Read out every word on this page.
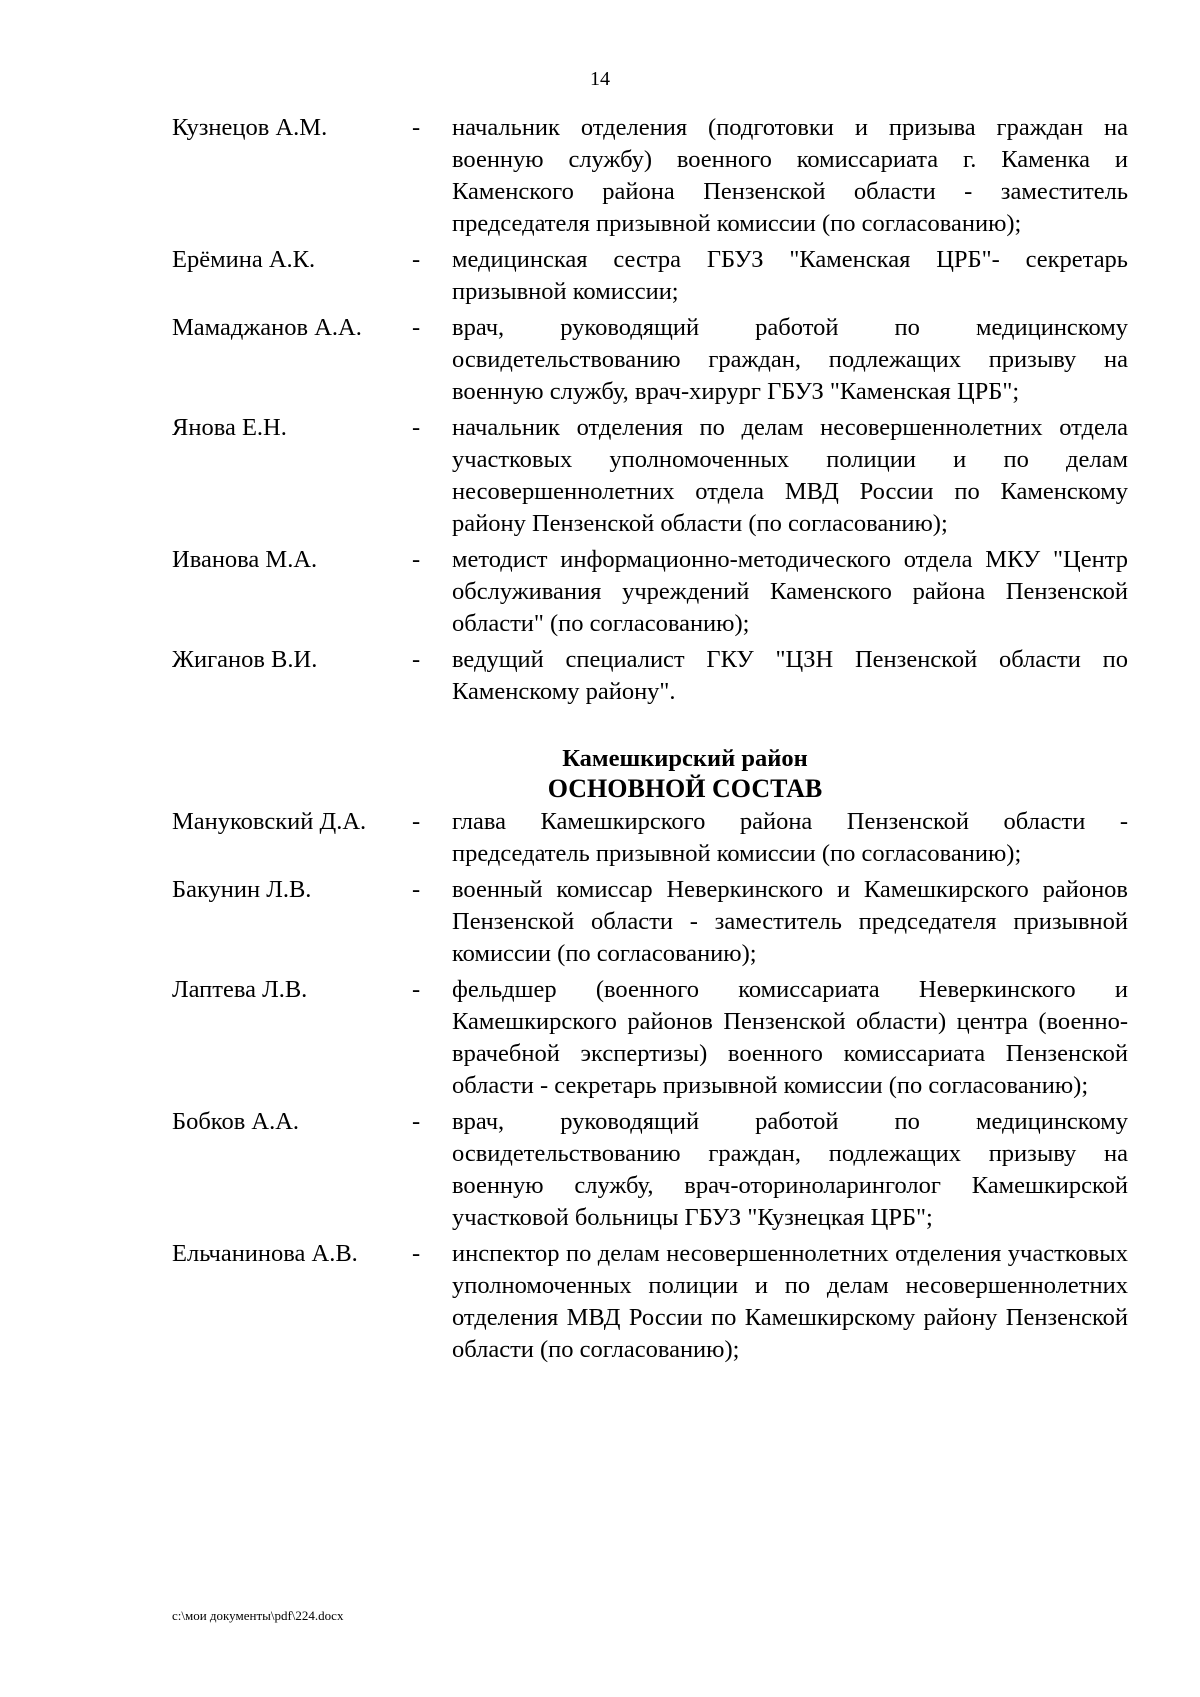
14
Кузнецов А.М.	-	начальник отделения (подготовки и призыва граждан на военную службу) военного комиссариата г. Каменка и Каменского района Пензенской области - заместитель председателя призывной комиссии (по согласованию);
Ерёмина А.К.	-	медицинская сестра ГБУЗ "Каменская ЦРБ"- секретарь призывной комиссии;
Мамаджанов А.А.	-	врач, руководящий работой по медицинскому освидетельствованию граждан, подлежащих призыву на военную службу, врач-хирург ГБУЗ "Каменская ЦРБ";
Янова Е.Н.	-	начальник отделения по делам несовершеннолетних отдела участковых уполномоченных полиции и по делам несовершеннолетних отдела МВД России по Каменскому району Пензенской области (по согласованию);
Иванова М.А.	-	методист информационно-методического отдела МКУ "Центр обслуживания учреждений Каменского района Пензенской области" (по согласованию);
Жиганов В.И.	-	ведущий специалист ГКУ "ЦЗН Пензенской области по Каменскому району".
Камешкирский район
ОСНОВНОЙ СОСТАВ
Мануковский Д.А.	-	глава Камешкирского района Пензенской области - председатель призывной комиссии (по согласованию);
Бакунин Л.В.	-	военный комиссар Неверкинского и Камешкирского районов Пензенской области - заместитель председателя призывной комиссии (по согласованию);
Лаптева Л.В.	-	фельдшер (военного комиссариата Неверкинского и Камешкирского районов Пензенской области) центра (военно-врачебной экспертизы) военного комиссариата Пензенской области - секретарь призывной комиссии (по согласованию);
Бобков А.А.	-	врач, руководящий работой по медицинскому освидетельствованию граждан, подлежащих призыву на военную службу, врач-оториноларинголог Камешкирской участковой больницы ГБУЗ "Кузнецкая ЦРБ";
Ельчанинова А.В.	-	инспектор по делам несовершеннолетних отделения участковых уполномоченных полиции и по делам несовершеннолетних отделения МВД России по Камешкирскому району Пензенской области (по согласованию);
c:\мои документы\pdf\224.docx
